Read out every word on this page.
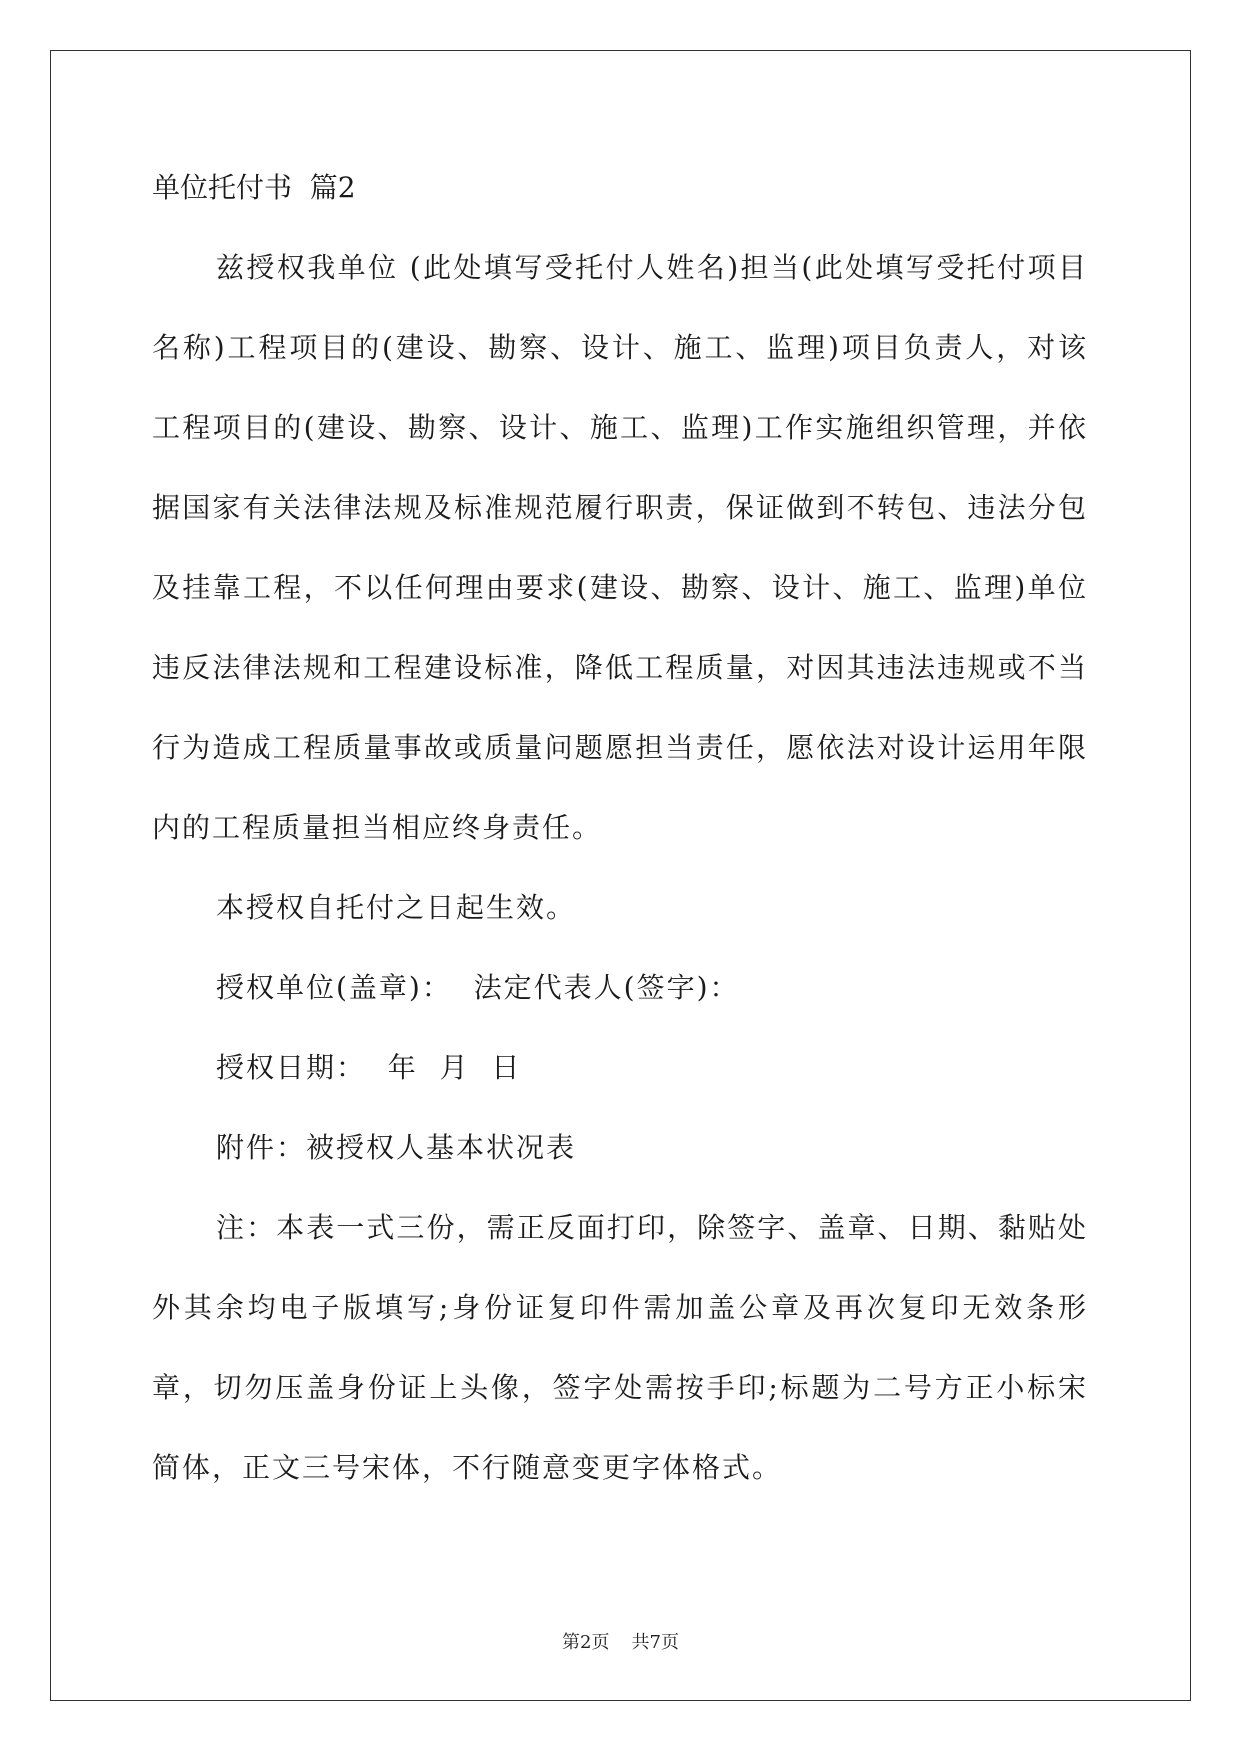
单位托付书  篇2

兹授权我单位 (此处填写受托付人姓名)担当(此处填写受托付项目名称)工程项目的(建设、勘察、设计、施工、监理)项目负责人，对该工程项目的(建设、勘察、设计、施工、监理)工作实施组织管理，并依据国家有关法律法规及标准规范履行职责，保证做到不转包、违法分包及挂靠工程，不以任何理由要求(建设、勘察、设计、施工、监理)单位违反法律法规和工程建设标准，降低工程质量，对因其违法违规或不当行为造成工程质量事故或质量问题愿担当责任，愿依法对设计运用年限内的工程质量担当相应终身责任。

本授权自托付之日起生效。

授权单位(盖章)：  法定代表人(签字)：

授权日期：  年  月  日

附件：被授权人基本状况表

注：本表一式三份，需正反面打印，除签字、盖章、日期、黏贴处外其余均电子版填写;身份证复印件需加盖公章及再次复印无效条形章，切勿压盖身份证上头像，签字处需按手印;标题为二号方正小标宋简体，正文三号宋体，不行随意变更字体格式。

第2页 共7页
